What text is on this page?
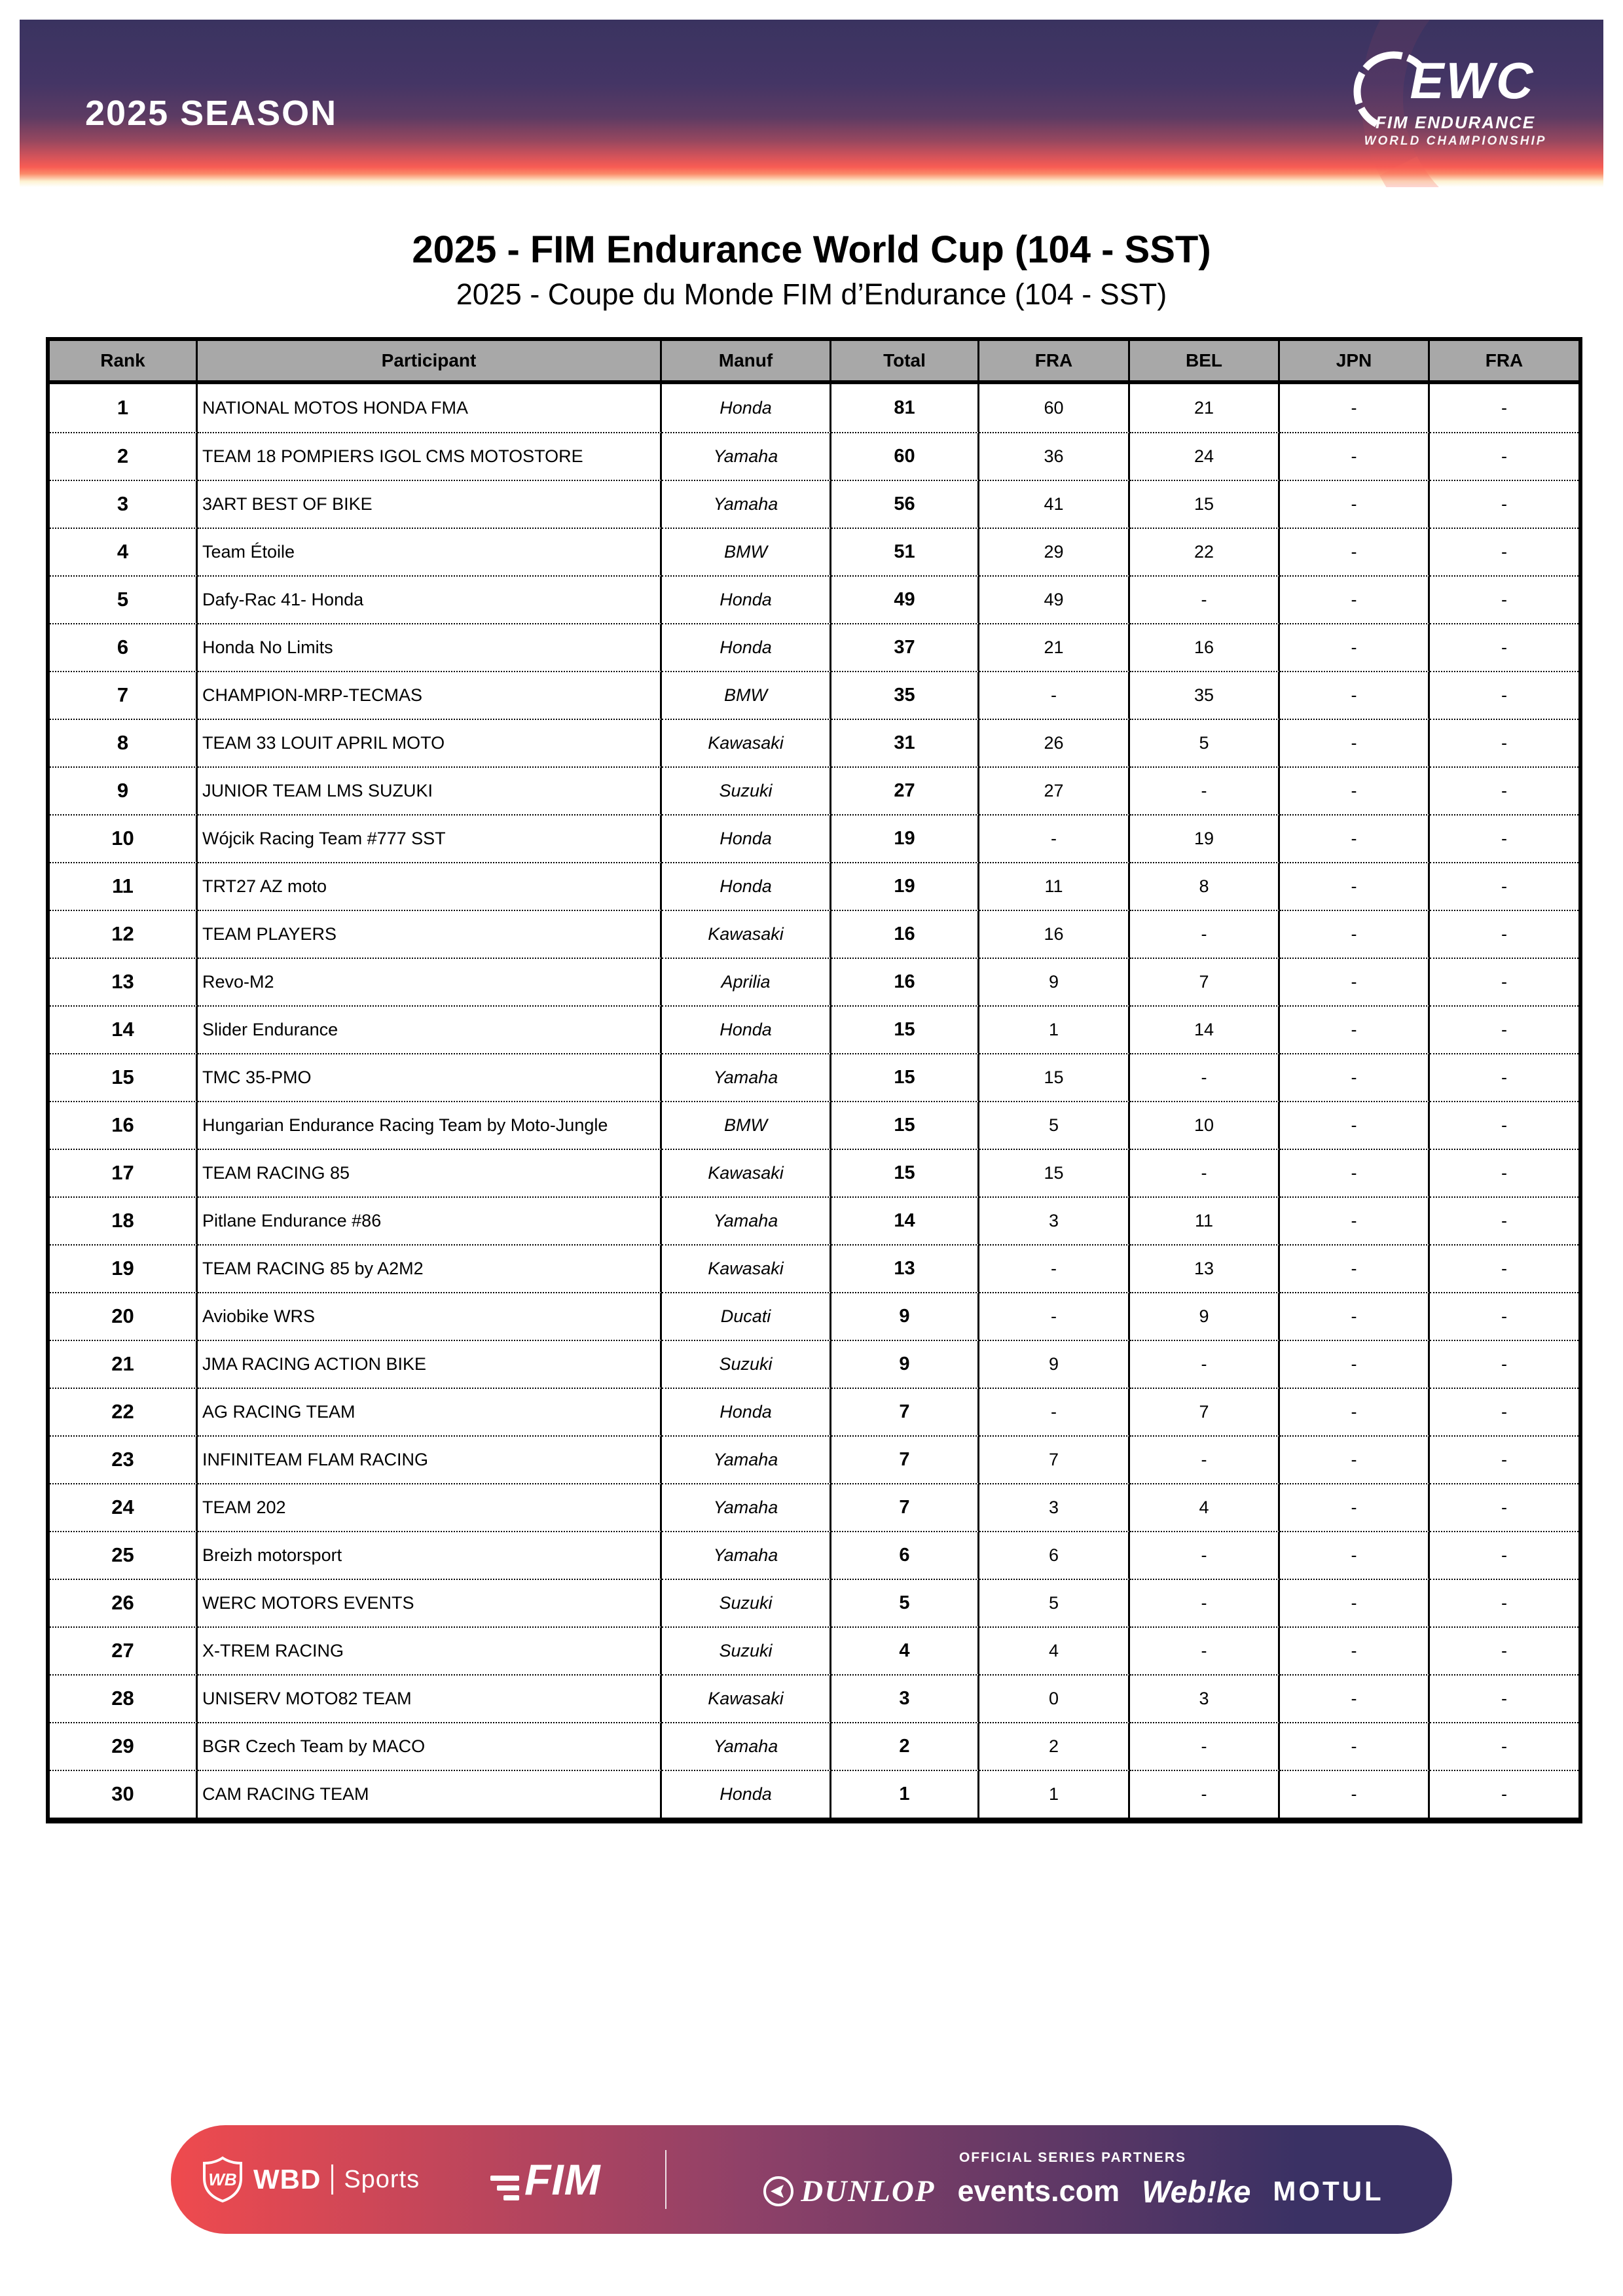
2025 SEASON
EWC
FIM ENDURANCE
WORLD CHAMPIONSHIP
2025 - FIM Endurance World Cup (104 - SST)
2025 - Coupe du Monde FIM d’Endurance (104 - SST)
Rank	Participant	Manuf	Total	FRA	BEL	JPN	FRA
1	NATIONAL MOTOS HONDA FMA	Honda	81	60	21	-	-
2	TEAM 18 POMPIERS IGOL CMS MOTOSTORE	Yamaha	60	36	24	-	-
3	3ART BEST OF BIKE	Yamaha	56	41	15	-	-
4	Team Étoile	BMW	51	29	22	-	-
5	Dafy-Rac 41- Honda	Honda	49	49	-	-	-
6	Honda No Limits	Honda	37	21	16	-	-
7	CHAMPION-MRP-TECMAS	BMW	35	-	35	-	-
8	TEAM 33 LOUIT APRIL MOTO	Kawasaki	31	26	5	-	-
9	JUNIOR TEAM LMS SUZUKI	Suzuki	27	27	-	-	-
10	Wójcik Racing Team #777 SST	Honda	19	-	19	-	-
11	TRT27 AZ moto	Honda	19	11	8	-	-
12	TEAM PLAYERS	Kawasaki	16	16	-	-	-
13	Revo-M2	Aprilia	16	9	7	-	-
14	Slider Endurance	Honda	15	1	14	-	-
15	TMC 35-PMO	Yamaha	15	15	-	-	-
16	Hungarian Endurance Racing Team by Moto-Jungle	BMW	15	5	10	-	-
17	TEAM RACING 85	Kawasaki	15	15	-	-	-
18	Pitlane Endurance #86	Yamaha	14	3	11	-	-
19	TEAM RACING 85 by A2M2	Kawasaki	13	-	13	-	-
20	Aviobike WRS	Ducati	9	-	9	-	-
21	JMA RACING ACTION BIKE	Suzuki	9	9	-	-	-
22	AG RACING TEAM	Honda	7	-	7	-	-
23	INFINITEAM FLAM RACING	Yamaha	7	7	-	-	-
24	TEAM 202	Yamaha	7	3	4	-	-
25	Breizh motorsport	Yamaha	6	6	-	-	-
26	WERC MOTORS EVENTS	Suzuki	5	5	-	-	-
27	X-TREM RACING	Suzuki	4	4	-	-	-
28	UNISERV MOTO82 TEAM	Kawasaki	3	0	3	-	-
29	BGR Czech Team by MACO	Yamaha	2	2	-	-	-
30	CAM RACING TEAM	Honda	1	1	-	-	-
WB WBD Sports FIM	OFFICIAL SERIES PARTNERS
DUNLOP events.com Web!ke MOTUL
